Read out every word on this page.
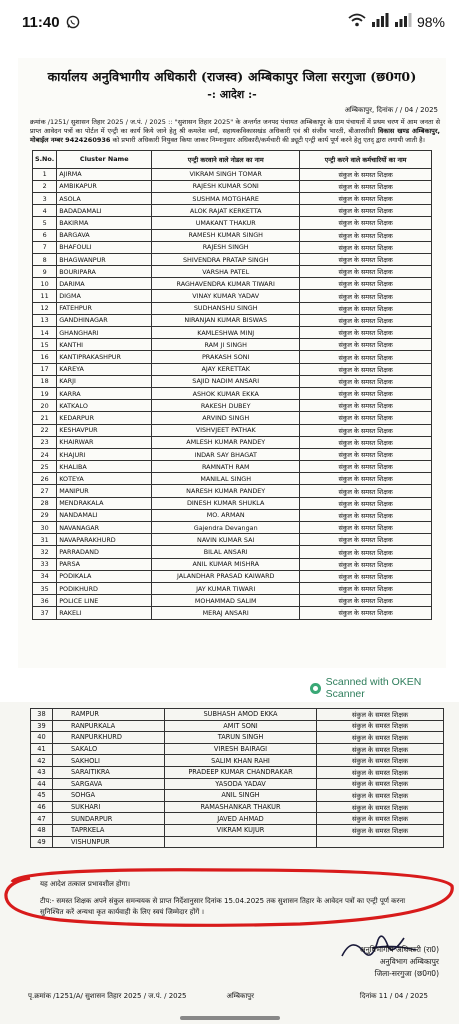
11:40	98%
कार्यालय अनुविभागीय अधिकारी (राजस्व) अम्बिकापुर जिला सरगुजा (छ0ग0)
-: आदेश :-
अम्बिकापुर, दिनांक / / 04 / 2025
क्रमांक /1251/ सुशासन तिहार 2025 / ज.पं. / 2025 :: "सुशासन तिहार 2025" के अन्तर्गत जनपद पंचायत अम्बिकापुर के ग्राम पंचायतों में प्रथम चरण में आम जनता से प्राप्त आवेदन पत्रों का पोर्टल में एन्ट्री का कार्य किये जाने हेतु श्री कमलेश वर्मा, सहायकविकासखंड अधिकारी एवं श्री संजीव भारती, बीआरसीसी विकास खण्ड अम्बिकापुर, मोबाईल नम्बर 9424260936 को प्रभारी अधिकारी नियुक्त किया जाकर निम्नानुसार अधिकारी/कर्मचारी की ड्यूटी एन्ट्री कार्य पूर्ण करने हेतु एतद् द्वारा लगायी जाती है।
S.No.	Cluster Name	एन्ट्री करवाने वाले नोडल का नाम	एन्ट्री करने वाले कर्मचारियों का नाम
1	AJIRMA	VIKRAM SINGH TOMAR	संकुल के समस्त शिक्षक
2	AMBIKAPUR	RAJESH KUMAR SONI	संकुल के समस्त शिक्षक
3	ASOLA	SUSHMA MOTGHARE	संकुल के समस्त शिक्षक
4	BADADAMALI	ALOK RAJAT KERKETTA	संकुल के समस्त शिक्षक
5	BAKIRMA	UMAKANT THAKUR	संकुल के समस्त शिक्षक
6	BARGAVA	RAMESH KUMAR SINGH	संकुल के समस्त शिक्षक
7	BHAFOULI	RAJESH SINGH	संकुल के समस्त शिक्षक
8	BHAGWANPUR	SHIVENDRA PRATAP SINGH	संकुल के समस्त शिक्षक
9	BOURIPARA	VARSHA PATEL	संकुल के समस्त शिक्षक
10	DARIMA	RAGHAVENDRA KUMAR TIWARI	संकुल के समस्त शिक्षक
11	DIGMA	VINAY KUMAR YADAV	संकुल के समस्त शिक्षक
12	FATEHPUR	SUDHANSHU SINGH	संकुल के समस्त शिक्षक
13	GANDHINAGAR	NIRANJAN KUMAR BISWAS	संकुल के समस्त शिक्षक
14	GHANGHARI	KAMLESHWA MINJ	संकुल के समस्त शिक्षक
15	KANTHI	RAM JI SINGH	संकुल के समस्त शिक्षक
16	KANTIPRAKASHPUR	PRAKASH SONI	संकुल के समस्त शिक्षक
17	KAREYA	AJAY KERETTAK	संकुल के समस्त शिक्षक
18	KARJI	SAJID NADIM ANSARI	संकुल के समस्त शिक्षक
19	KARRA	ASHOK KUMAR EKKA	संकुल के समस्त शिक्षक
20	KATKALO	RAKESH DUBEY	संकुल के समस्त शिक्षक
21	KEDARPUR	ARVIND SINGH	संकुल के समस्त शिक्षक
22	KESHAVPUR	VISHVJEET PATHAK	संकुल के समस्त शिक्षक
23	KHAIRWAR	AMLESH KUMAR PANDEY	संकुल के समस्त शिक्षक
24	KHAJURI	INDAR SAY BHAGAT	संकुल के समस्त शिक्षक
25	KHALIBA	RAMNATH RAM	संकुल के समस्त शिक्षक
26	KOTEYA	MANILAL SINGH	संकुल के समस्त शिक्षक
27	MANIPUR	NARESH KUMAR PANDEY	संकुल के समस्त शिक्षक
28	MENDRAKALA	DINESH KUMAR SHUKLA	संकुल के समस्त शिक्षक
29	NANDAMALI	MO. ARMAN	संकुल के समस्त शिक्षक
30	NAVANAGAR	Gajendra Devangan	संकुल के समस्त शिक्षक
31	NAVAPARAKHURD	NAVIN KUMAR SAI	संकुल के समस्त शिक्षक
32	PARRADAND	BILAL ANSARI	संकुल के समस्त शिक्षक
33	PARSA	ANIL KUMAR MISHRA	संकुल के समस्त शिक्षक
34	PODIKALA	JALANDHAR PRASAD KAIWARD	संकुल के समस्त शिक्षक
35	PODIKHURD	JAY KUMAR TIWARI	संकुल के समस्त शिक्षक
36	POLICE LINE	MOHAMMAD SALIM	संकुल के समस्त शिक्षक
37	RAKELI	MERAJ ANSARI	संकुल के समस्त शिक्षक
Scanned with OKEN Scanner
38	RAMPUR	SUBHASH AMOD EKKA	संकुल के समस्त शिक्षक
39	RANPURKALA	AMIT SONI	संकुल के समस्त शिक्षक
40	RANPURKHURD	TARUN SINGH	संकुल के समस्त शिक्षक
41	SAKALO	VIRESH BAIRAGI	संकुल के समस्त शिक्षक
42	SAKHOLI	SALIM KHAN RAHI	संकुल के समस्त शिक्षक
43	SARAITIKRA	PRADEEP KUMAR CHANDRAKAR	संकुल के समस्त शिक्षक
44	SARGAVA	YASODA YADAV	संकुल के समस्त शिक्षक
45	SOHGA	ANIL SINGH	संकुल के समस्त शिक्षक
46	SUKHARI	RAMASHANKAR THAKUR	संकुल के समस्त शिक्षक
47	SUNDARPUR	JAVED AHMAD	संकुल के समस्त शिक्षक
48	TAPRKELA	VIKRAM KUJUR	संकुल के समस्त शिक्षक
49	VISHUNPUR		
यह आदेश तत्काल प्रभावशील होगा।
टीप:- समस्त शिक्षक अपने संकुल समन्वयक से प्राप्त निर्देशानुसार दिनांक 15.04.2025 तक सुशासन तिहार के आवेदन पत्रों का एन्ट्री पूर्ण करना सुनिश्चित करें अन्यथा कृत कार्यवाही के लिए स्वयं जिम्मेदार होंगें ।
अनुविभागीय अधिकारी (रा0)
अनुविभाग अम्बिकापुर
जिला-सरगुजा (छ0ग0)
पृ.क्रमांक /1251/A/ सुशासन तिहार 2025 / ज.पं. / 2025	अम्बिकापुर	दिनांक 11 / 04 / 2025
